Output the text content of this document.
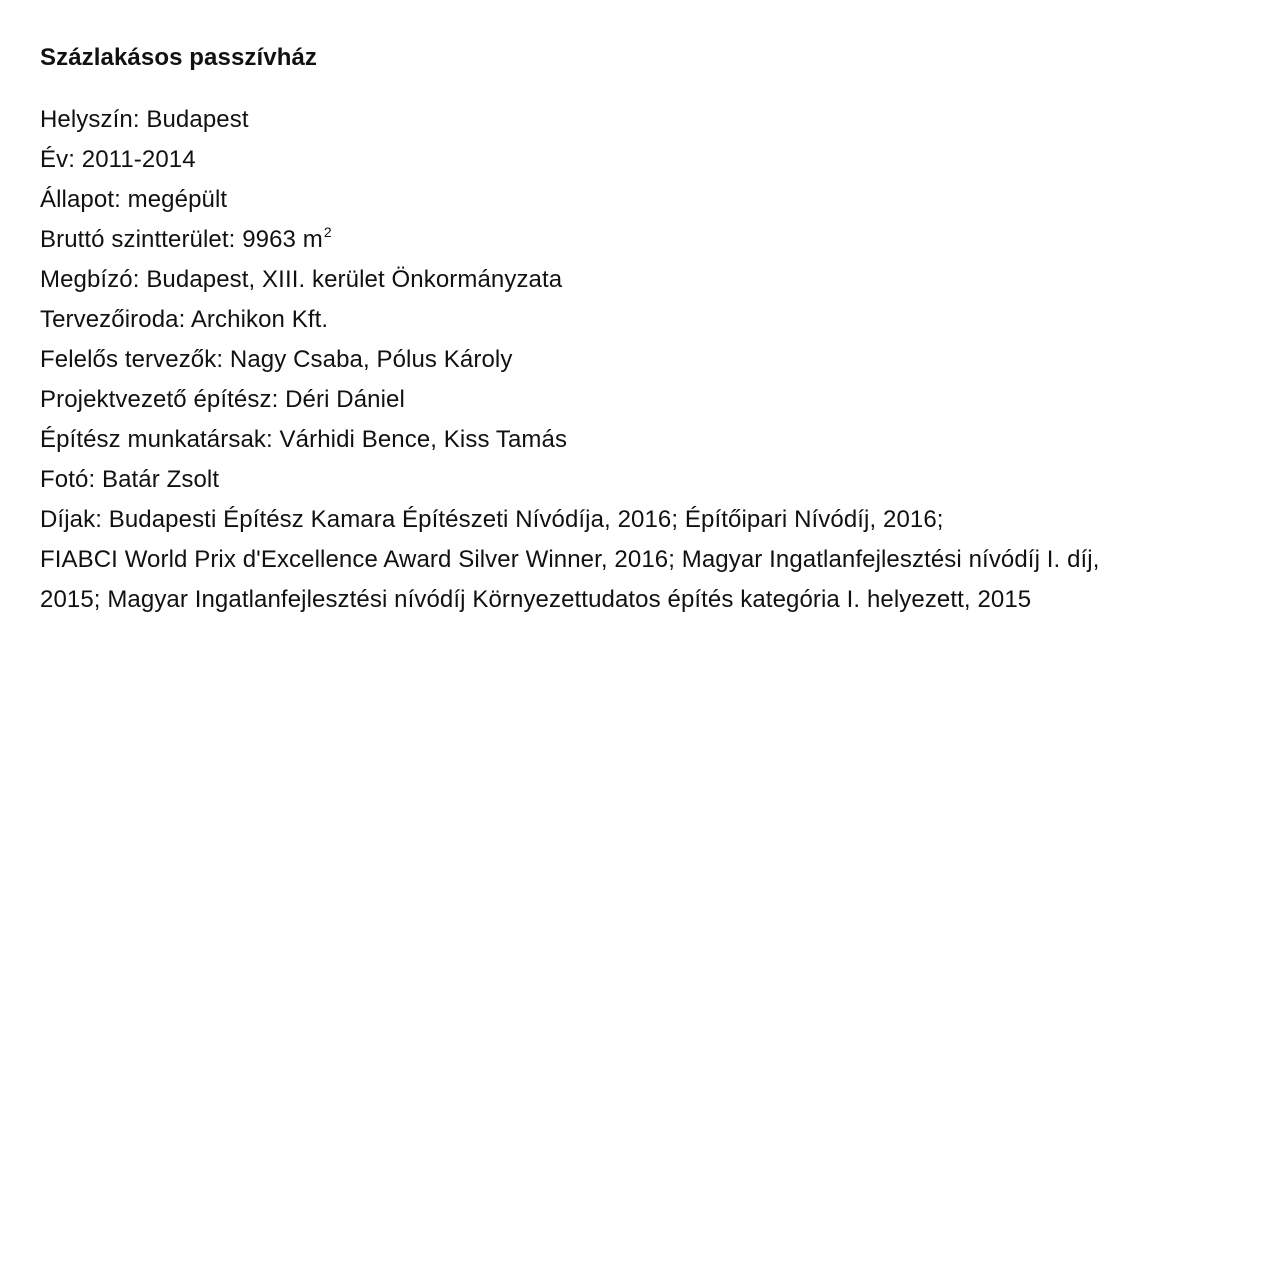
Százlakásos passzívház
Helyszín: Budapest
Év: 2011-2014
Állapot: megépült
Bruttó szintterület: 9963 $m^2$
Megbízó: Budapest, XIII. kerület Önkormányzata
Tervezőiroda: Archikon Kft.
Felelős tervezők: Nagy Csaba, Pólus Károly
Projektvezető építész: Déri Dániel
Építész munkatársak: Várhidi Bence, Kiss Tamás
Fotó: Batár Zsolt
Díjak: Budapesti Építész Kamara Építészeti Nívódíja, 2016; Építőipari Nívódíj, 2016;
FIABCI World Prix d'Excellence Award Silver Winner, 2016; Magyar Ingatlanfejlesztési nívódíj I. díj,
2015; Magyar Ingatlanfejlesztési nívódíj Környezettudatos építés kategória I. helyezett, 2015
